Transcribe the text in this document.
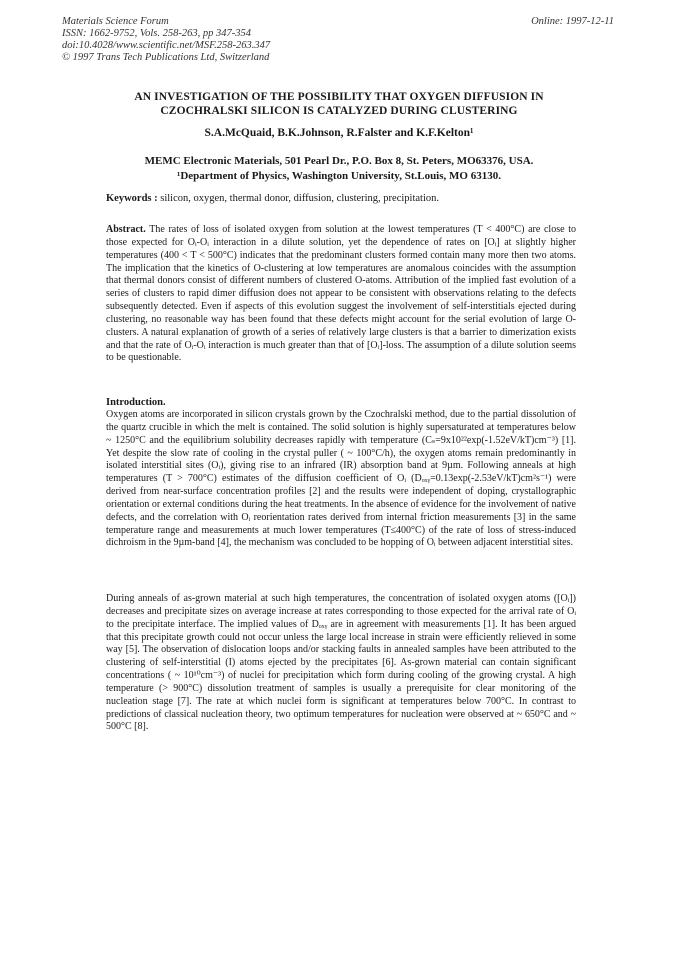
Materials Science Forum
ISSN: 1662-9752, Vols. 258-263, pp 347-354
doi:10.4028/www.scientific.net/MSF.258-263.347
© 1997 Trans Tech Publications Ltd, Switzerland
Online: 1997-12-11
AN INVESTIGATION OF THE POSSIBILITY THAT OXYGEN DIFFUSION IN CZOCHRALSKI SILICON IS CATALYZED DURING CLUSTERING
S.A.McQuaid, B.K.Johnson, R.Falster and K.F.Kelton¹
MEMC Electronic Materials, 501 Pearl Dr., P.O. Box 8, St. Peters, MO63376, USA.
¹Department of Physics, Washington University, St.Louis, MO 63130.
Keywords : silicon, oxygen, thermal donor, diffusion, clustering, precipitation.
Abstract. The rates of loss of isolated oxygen from solution at the lowest temperatures (T < 400°C) are close to those expected for Oᵢ-Oᵢ interaction in a dilute solution, yet the dependence of rates on [Oᵢ] at slightly higher temperatures (400 < T < 500°C) indicates that the predominant clusters formed contain many more then two atoms. The implication that the kinetics of O-clustering at low temperatures are anomalous coincides with the assumption that thermal donors consist of different numbers of clustered O-atoms. Attribution of the implied fast evolution of a series of clusters to rapid dimer diffusion does not appear to be consistent with observations relating to the defects subsequently detected. Even if aspects of this evolution suggest the involvement of self-interstitials ejected during clustering, no reasonable way has been found that these defects might account for the serial evolution of large O-clusters. A natural explanation of growth of a series of relatively large clusters is that a barrier to dimerization exists and that the rate of Oᵢ-Oᵢ interaction is much greater than that of [Oᵢ]-loss. The assumption of a dilute solution seems to be questionable.
Introduction.
Oxygen atoms are incorporated in silicon crystals grown by the Czochralski method, due to the partial dissolution of the quartz crucible in which the melt is contained. The solid solution is highly supersaturated at temperatures below ~ 1250°C and the equilibrium solubility decreases rapidly with temperature (Cₛ=9x10²²exp(-1.52eV/kT)cm⁻³) [1]. Yet despite the slow rate of cooling in the crystal puller ( ~ 100°C/h), the oxygen atoms remain predominantly in isolated interstitial sites (Oᵢ), giving rise to an infrared (IR) absorption band at 9µm. Following anneals at high temperatures (T > 700°C) estimates of the diffusion coefficient of Oᵢ (Dₒₓᵧ=0.13exp(-2.53eV/kT)cm²s⁻¹) were derived from near-surface concentration profiles [2] and the results were independent of doping, crystallographic orientation or external conditions during the heat treatments. In the absence of evidence for the involvement of native defects, and the correlation with Oᵢ reorientation rates derived from internal friction measurements [3] in the same temperature range and measurements at much lower temperatures (T≤400°C) of the rate of loss of stress-induced dichroism in the 9µm-band [4], the mechanism was concluded to be hopping of Oᵢ between adjacent interstitial sites.
During anneals of as-grown material at such high temperatures, the concentration of isolated oxygen atoms ([Oᵢ]) decreases and precipitate sizes on average increase at rates corresponding to those expected for the arrival rate of Oᵢ to the precipitate interface. The implied values of Dₒₓᵧ are in agreement with measurements [1]. It has been argued that this precipitate growth could not occur unless the large local increase in strain were efficiently relieved in some way [5]. The observation of dislocation loops and/or stacking faults in annealed samples have been attributed to the clustering of self-interstitial (I) atoms ejected by the precipitates [6]. As-grown material can contain significant concentrations ( ~ 10¹⁰cm⁻³) of nuclei for precipitation which form during cooling of the growing crystal. A high temperature (> 900°C) dissolution treatment of samples is usually a prerequisite for clear monitoring of the nucleation stage [7]. The rate at which nuclei form is significant at temperatures below 700°C. In contrast to predictions of classical nucleation theory, two optimum temperatures for nucleation were observed at ~ 650°C and ~ 500°C [8].
